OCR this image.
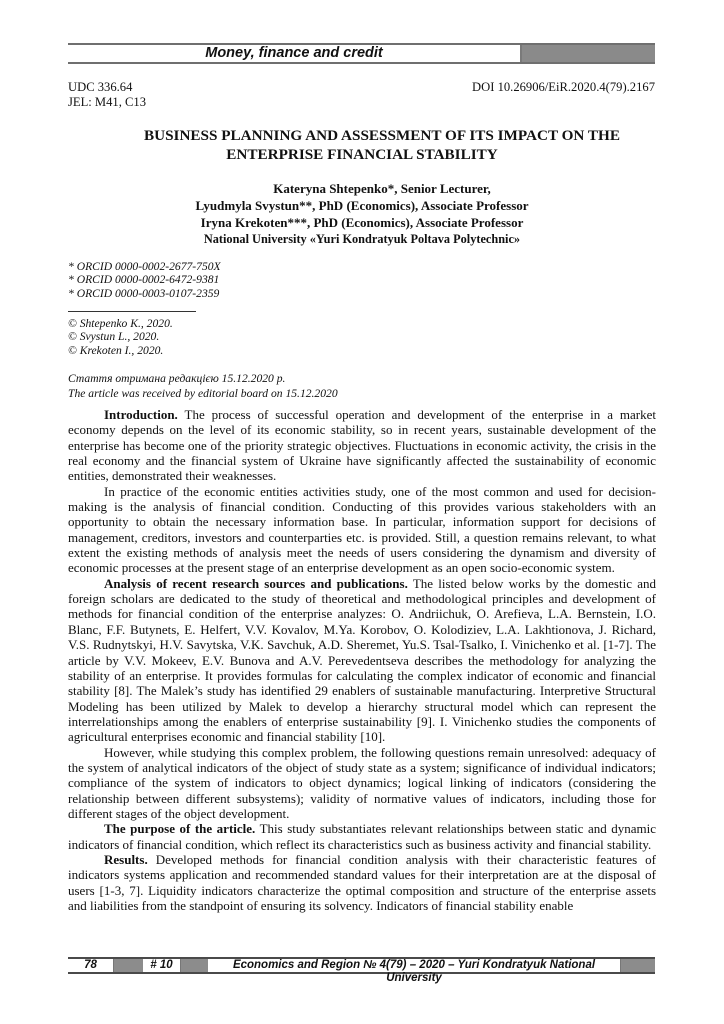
Money, finance and credit
UDC 336.64
JEL: M41, C13
DOI 10.26906/EiR.2020.4(79).2167
BUSINESS PLANNING AND ASSESSMENT OF ITS IMPACT ON THE
ENTERPRISE FINANCIAL STABILITY
Kateryna Shtepenko*, Senior Lecturer,
Lyudmyla Svystun**, PhD (Economics), Associate Professor
Iryna Krekoten***, PhD (Economics), Associate Professor
National University «Yuri Kondratyuk Poltava Polytechnic»
* ORCID 0000-0002-2677-750X
* ORCID 0000-0002-6472-9381
* ORCID 0000-0003-0107-2359
© Shtepenko K., 2020.
© Svystun L., 2020.
© Krekoten I., 2020.
Стаття отримана редакцією 15.12.2020 р.
The article was received by editorial board on 15.12.2020

Introduction. The process of successful operation and development of the enterprise in a market economy depends on the level of its economic stability, so in recent years, sustainable development of the enterprise has become one of the priority strategic objectives. Fluctuations in economic activity, the crisis in the real economy and the financial system of Ukraine have significantly affected the sustainability of economic entities, demonstrated their weaknesses.

In practice of the economic entities activities study, one of the most common and used for decision-making is the analysis of financial condition. Conducting of this provides various stakeholders with an opportunity to obtain the necessary information base. In particular, information support for decisions of management, creditors, investors and counterparties etc. is provided. Still, a question remains relevant, to what extent the existing methods of analysis meet the needs of users considering the dynamism and diversity of economic processes at the present stage of an enterprise development as an open socio-economic system.

Analysis of recent research sources and publications. The listed below works by the domestic and foreign scholars are dedicated to the study of theoretical and methodological principles and development of methods for financial condition of the enterprise analyzes: O. Andriichuk, O. Arefieva, L.A. Bernstein, I.O. Blanc, F.F. Butynets, E. Helfert, V.V. Kovalov, M.Ya. Korobov, O. Kolodiziev, L.A. Lakhtionova, J. Richard, V.S. Rudnytskyi, H.V. Savytska, V.K. Savchuk, A.D. Sheremet, Yu.S. Tsal-Tsalko, I. Vinichenko et al. [1-7]. The article by V.V. Mokeev, E.V. Bunova and A.V. Perevedentseva describes the methodology for analyzing the stability of an enterprise. It provides formulas for calculating the complex indicator of economic and financial stability [8]. The Malek’s study has identified 29 enablers of sustainable manufacturing. Interpretive Structural Modeling has been utilized by Malek to develop a hierarchy structural model which can represent the interrelationships among the enablers of enterprise sustainability [9]. I. Vinichenko studies the components of agricultural enterprises economic and financial stability [10].

However, while studying this complex problem, the following questions remain unresolved: adequacy of the system of analytical indicators of the object of study state as a system; significance of individual indicators; compliance of the system of indicators to object dynamics; logical linking of indicators (considering the relationship between different subsystems); validity of normative values of indicators, including those for different stages of the object development.

The purpose of the article. This study substantiates relevant relationships between static and dynamic indicators of financial condition, which reflect its characteristics such as business activity and financial stability.

Results. Developed methods for financial condition analysis with their characteristic features of indicators systems application and recommended standard values for their interpretation are at the disposal of users [1-3, 7]. Liquidity indicators characterize the optimal composition and structure of the enterprise assets and liabilities from the standpoint of ensuring its solvency. Indicators of financial stability enable

78	# 10	Economics and Region № 4(79) – 2020 – Yuri Kondratyuk National University
